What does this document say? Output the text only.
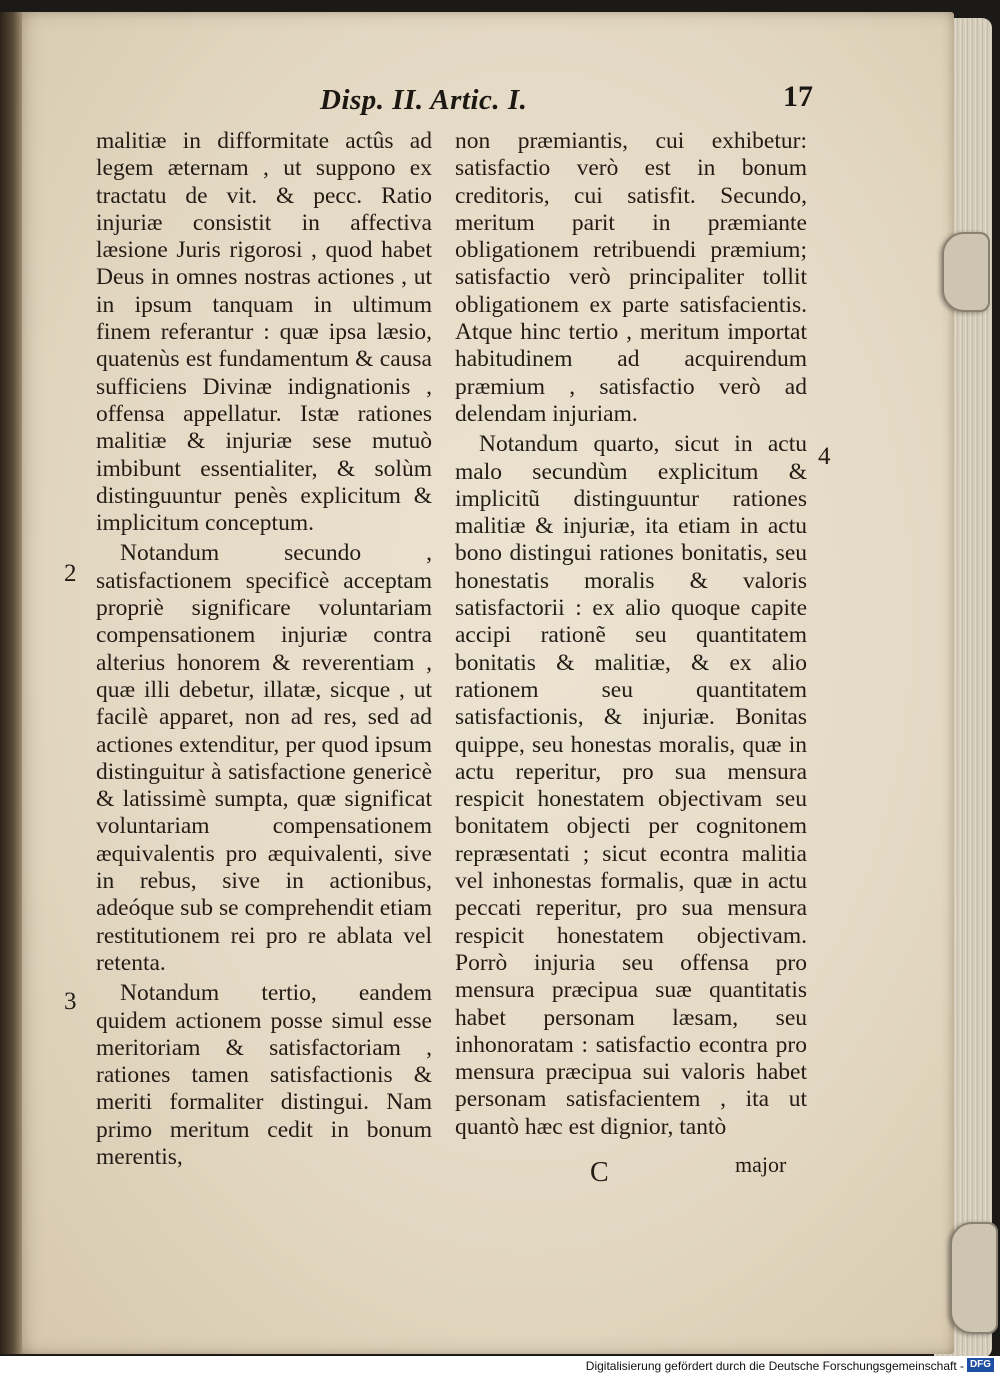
Disp. II. Artic. I.	17

malitiæ in difformitate actûs ad legem æternam , ut suppono ex tractatu de vit. & pecc. Ratio injuriæ consistit in affectiva læsione Juris rigorosi , quod habet Deus in omnes nostras actiones , ut in ipsum tanquam in ultimum finem referantur : quæ ipsa læsio, quatenùs est fundamentum & causa sufficiens Divinæ indignationis , offensa appellatur. Istæ rationes malitiæ & injuriæ sese mutuò imbibunt essentialiter, & solùm distinguuntur penès explicitum & implicitum conceptum.

Notandum secundo , satisfactionem specificè acceptam propriè significare voluntariam compensationem injuriæ contra alterius honorem & reverentiam , quæ illi debetur, illatæ, sicque , ut facilè apparet, non ad res, sed ad actiones extenditur, per quod ipsum distinguitur à satisfactione genericè & latissimè sumpta, quæ significat voluntariam compensationem æquivalentis pro æquivalenti, sive in rebus, sive in actionibus, adeóque sub se comprehendit etiam restitutionem rei pro re ablata vel retenta.

Notandum tertio, eandem quidem actionem posse simul esse meritoriam & satisfactoriam , rationes tamen satisfactionis & meriti formaliter distingui. Nam primo meritum cedit in bonum merentis,

non præmiantis, cui exhibetur: satisfactio verò est in bonum creditoris, cui satisfit. Secundo, meritum parit in præmiante obligationem retribuendi præmium; satisfactio verò principaliter tollit obligationem ex parte satisfacientis. Atque hinc tertio , meritum importat habitudinem ad acquirendum præmium , satisfactio verò ad delendam injuriam.

Notandum quarto, sicut in actu malo secundùm explicitum & implicitũ distinguuntur rationes malitiæ & injuriæ, ita etiam in actu bono distingui rationes bonitatis, seu honestatis moralis & valoris satisfactorii : ex alio quoque capite accipi rationẽ seu quantitatem bonitatis & malitiæ, & ex alio rationem seu quantitatem satisfactionis, & injuriæ. Bonitas quippe, seu honestas moralis, quæ in actu reperitur, pro sua mensura respicit honestatem objectivam seu bonitatem objecti per cognitonem repræsentati ; sicut econtra malitia vel inhonestas formalis, quæ in actu peccati reperitur, pro sua mensura respicit honestatem objectivam. Porrò injuria seu offensa pro mensura præcipua suæ quantitatis habet personam læsam, seu inhonoratam : satisfactio econtra pro mensura præcipua sui valoris habet personam satisfacientem , ita ut quantò hæc est dignior, tantò

2
3
4
C	major
Digitalisierung gefördert durch die Deutsche Forschungsgemeinschaft - DFG
